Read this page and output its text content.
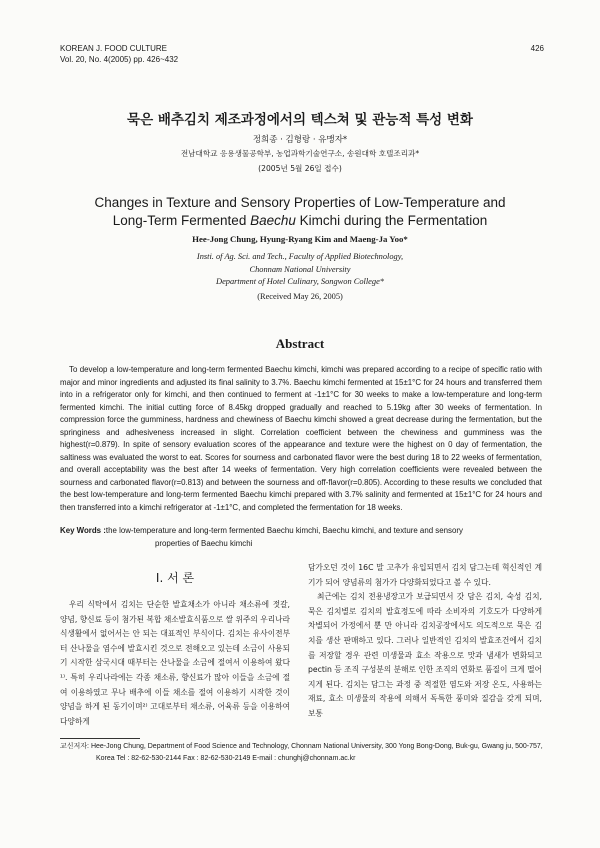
KOREAN J. FOOD CULTURE
Vol. 20, No. 4(2005) pp. 426~432
426
묵은 배추김치 제조과정에서의 텍스쳐 및 관능적 특성 변화
정희종 · 김형랑 · 유맹자*
전남대학교 응용생물공학부, 농업과학기술연구소, 송원대학 호텔조리과*
(2005년 5월 26일 접수)
Changes in Texture and Sensory Properties of Low-Temperature and
Long-Term Fermented Baechu Kimchi during the Fermentation
Hee-Jong Chung, Hyung-Ryang Kim and Maeng-Ja Yoo*
Insti. of Ag. Sci. and Tech., Faculty of Applied Biotechnology,
Chonnam National University
Department of Hotel Culinary, Songwon College*
(Received May 26, 2005)
Abstract

To develop a low-temperature and long-term fermented Baechu kimchi, kimchi was prepared according to a recipe of specific ratio with major and minor ingredients and adjusted its final salinity to 3.7%. Baechu kimchi fermented at 15±1°C for 24 hours and transferred them into in a refrigerator only for kimchi, and then continued to ferment at -1±1°C for 30 weeks to make a low-temperature and long-term fermented kimchi. The initial cutting force of 8.45kg dropped gradually and reached to 5.19kg after 30 weeks of fermentation. In compression force the gumminess, hardness and chewiness of Baechu kimchi showed a great decrease during the fermentation, but the springiness and adhesiveness increased in slight. Correlation coefficient between the chewiness and gumminess was the highest(r=0.879). In spite of sensory evaluation scores of the appearance and texture were the highest on 0 day of fermentation, the saltiness was evaluated the worst to eat. Scores for sourness and carbonated flavor were the best during 18 to 22 weeks of fermentation, and overall acceptability was the best after 14 weeks of fermentation. Very high correlation coefficients were revealed between the sourness and carbonated flavor(r=0.813) and between the sourness and off-flavor(r=0.805). According to these results we concluded that the best low-temperature and long-term fermented Baechu kimchi prepared with 3.7% salinity and fermented at 15±1°C for 24 hours and then transferred into a kimchi refrigerator at -1±1°C, and completed the fermentation for 18 weeks.

Key Words :the low-temperature and long-term fermented Baechu kimchi, Baechu kimchi, and texture and sensory
properties of Baechu kimchi
I. 서 론

우리 식탁에서 김치는 단순한 발효채소가 아니라 채소류에 젓갈, 양념, 향신료 등이 첨가된 복합 채소발효식품으로 쌀 위주의 우리나라 식생활에서 없어서는 안 되는 대표적인 부식이다. 김치는 유사이전부터 산나물을 염수에 발효시킨 것으로 전해오고 있는데 소금이 사용되기 시작한 삼국시대 때부터는 산나물을 소금에 절여서 이용하여 왔다¹⁾. 특히 우리나라에는 각종 채소류, 향신료가 많아 이들을 소금에 절여 이용하였고 무나 배추에 이들 채소를 절여 이용하기 시작한 것이 양념을 하게 된 동기이며²⁾ 고대로부터 채소류, 어육류 등을 이용하여 다양하게

담가오던 것이 16C 말 고추가 유입되면서 김치 담그는데 혁신적인 계기가 되어 양념류의 첨가가 다양화되었다고 볼 수 있다.

최근에는 김치 전용냉장고가 보급되면서 갓 담은 김치, 숙성 김치, 묵은 김치별로 김치의 발효정도에 따라 소비자의 기호도가 다양하게 차별되어 가정에서 뿐 만 아니라 김치공장에서도 의도적으로 묵은 김치를 생산 판매하고 있다. 그러나 일반적인 김치의 발효조건에서 김치를 저장할 경우 관련 미생물과 효소 작용으로 맛과 냄새가 변화되고 pectin 등 조직 구성분의 분해로 인한 조직의 연화로 품질이 크게 떨어지게 된다. 김치는 담그는 과정 중 적절한 염도와 저장 온도, 사용하는 재료, 효소 미생물의 작용에 의해서 독특한 풍미와 질감을 갖게 되며, 보통

교신저자: Hee-Jong Chung, Department of Food Science and Technology, Chonnam National University, 300 Yong Bong-Dong, Buk-gu, Gwang ju, 500-757,
Korea Tel : 82-62-530-2144 Fax : 82-62-530-2149 E-mail : chunghj@chonnam.ac.kr
